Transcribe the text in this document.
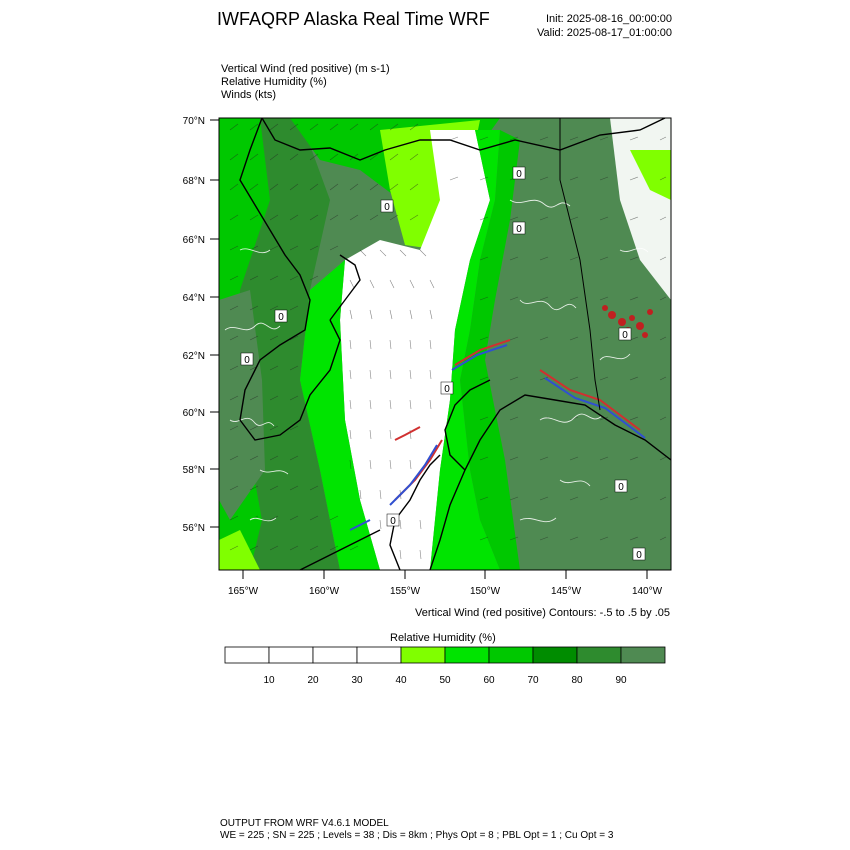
IWFAQRP Alaska Real Time WRF	Init: 2025-08-16_00:00:00
Valid: 2025-08-17_01:00:00
Vertical Wind (red positive) (m s-1)
Relative Humidity (%)
Winds (kts)
0
0
0
0
0
0
0
0
0
0
70°N
68°N
66°N
64°N
62°N
60°N
58°N
56°N
165°W	160°W	155°W	150°W	145°W	140°W
10	20	30	40	50	60	70	80	90
Vertical Wind (red positive) Contours: -.5 to .5 by .05
Relative Humidity (%)
OUTPUT FROM WRF V4.6.1 MODEL
WE = 225 ; SN = 225 ; Levels = 38 ; Dis = 8km ; Phys Opt = 8 ; PBL Opt = 1 ; Cu Opt = 3
